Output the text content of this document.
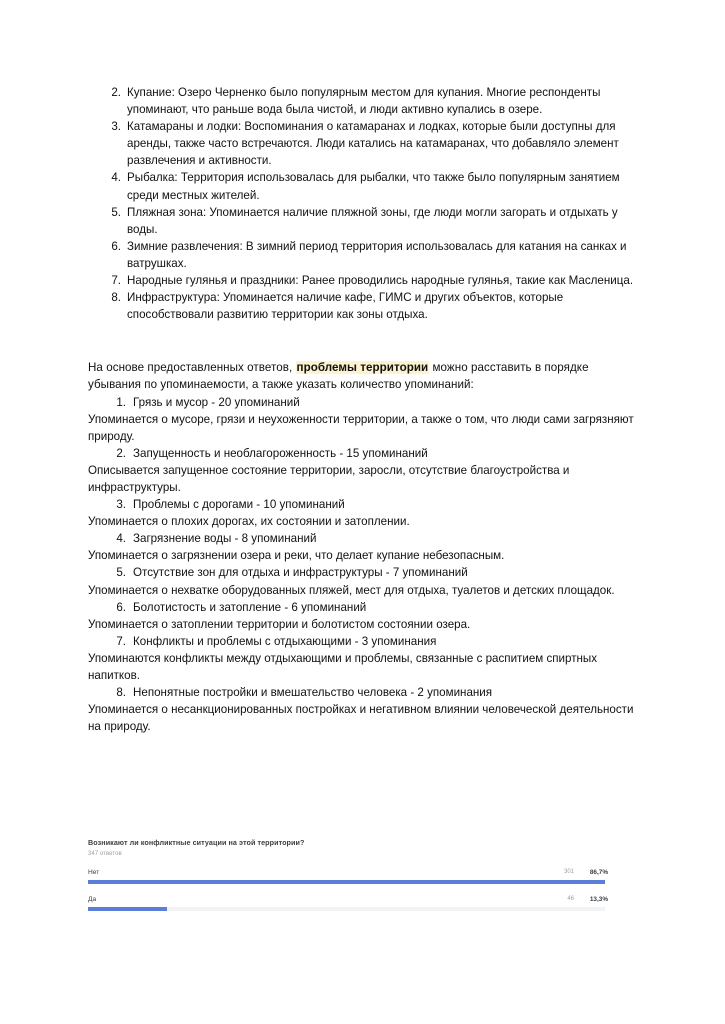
2. Купание: Озеро Черненко было популярным местом для купания. Многие респонденты упоминают, что раньше вода была чистой, и люди активно купались в озере.
3. Катамараны и лодки: Воспоминания о катамаранах и лодках, которые были доступны для аренды, также часто встречаются. Люди катались на катамаранах, что добавляло элемент развлечения и активности.
4. Рыбалка: Территория использовалась для рыбалки, что также было популярным занятием среди местных жителей.
5. Пляжная зона: Упоминается наличие пляжной зоны, где люди могли загорать и отдыхать у воды.
6. Зимние развлечения: В зимний период территория использовалась для катания на санках и ватрушках.
7. Народные гулянья и праздники: Ранее проводились народные гулянья, такие как Масленица.
8. Инфраструктура: Упоминается наличие кафе, ГИМС и других объектов, которые способствовали развитию территории как зоны отдыха.

На основе предоставленных ответов, проблемы территории можно расставить в порядке убывания по упоминаемости, а также указать количество упоминаний:

1. Грязь и мусор - 20 упоминаний
Упоминается о мусоре, грязи и неухоженности территории, а также о том, что люди сами загрязняют природу.
2. Запущенность и необлагороженность - 15 упоминаний
Описывается запущенное состояние территории, заросли, отсутствие благоустройства и инфраструктуры.
3. Проблемы с дорогами - 10 упоминаний
Упоминается о плохих дорогах, их состоянии и затоплении.
4. Загрязнение воды - 8 упоминаний
Упоминается о загрязнении озера и реки, что делает купание небезопасным.
5. Отсутствие зон для отдыха и инфраструктуры - 7 упоминаний
Упоминается о нехватке оборудованных пляжей, мест для отдыха, туалетов и детских площадок.
6. Болотистость и затопление - 6 упоминаний
Упоминается о затоплении территории и болотистом состоянии озера.
7. Конфликты и проблемы с отдыхающими - 3 упоминания
Упоминаются конфликты между отдыхающими и проблемы, связанные с распитием спиртных напитков.
8. Непонятные постройки и вмешательство человека - 2 упоминания
Упоминается о несанкционированных постройках и негативном влиянии человеческой деятельности на природу.
Возникают ли конфликтные ситуации на этой территории?
347 ответов
Нет	301 86,7%
Да	46 13,3%
